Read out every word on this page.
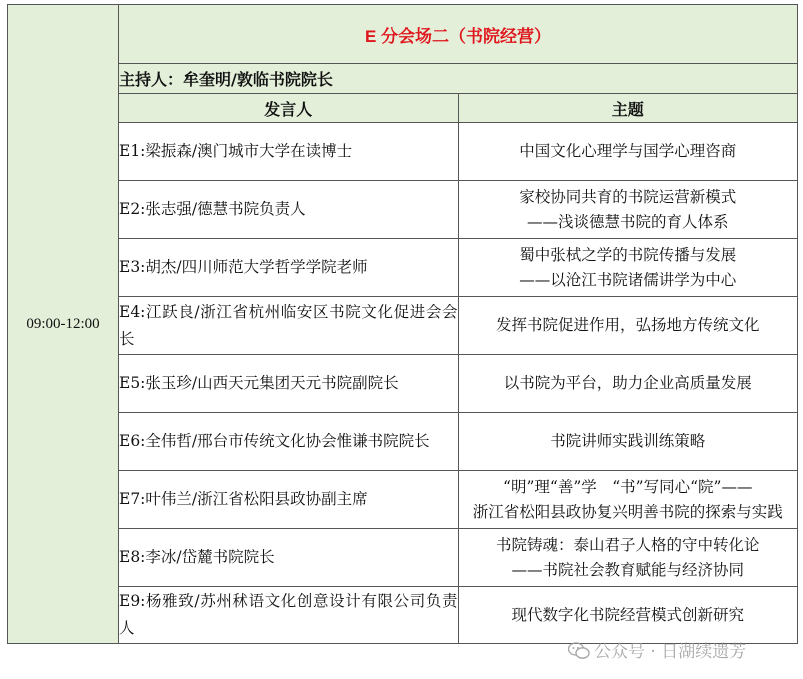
09:00-12:00	E 分会场二（书院经营）	
	主持人：牟奎明/敦临书院院长	
	发言人	主题
	E1:梁振森/澳门城市大学在读博士	中国文化心理学与国学心理咨商

	E2:张志强/德慧书院负责人	家校协同共育的书院运营新模式
——浅谈德慧书院的育人体系

	E3:胡杰/四川师范大学哲学学院老师	蜀中张栻之学的书院传播与发展
——以沧江书院诸儒讲学为中心

	E4:江跃良/浙江省杭州临安区书院文化促进会会长	发挥书院促进作用，弘扬地方传统文化

	E5:张玉珍/山西天元集团天元书院副院长	以书院为平台，助力企业高质量发展

	E6:全伟哲/邢台市传统文化协会惟谦书院院长	书院讲师实践训练策略

	E7:叶伟兰/浙江省松阳县政协副主席	“明”理“善”学　“书”写同心“院”——
浙江省松阳县政协复兴明善书院的探索与实践

	E8:李冰/岱麓书院院长	书院铸魂：泰山君子人格的守中转化论
——书院社会教育赋能与经济协同

	E9:杨雅致/苏州秫语文化创意设计有限公司负责人	现代数字化书院经营模式创新研究
公众号 · 日湖续遗芳
